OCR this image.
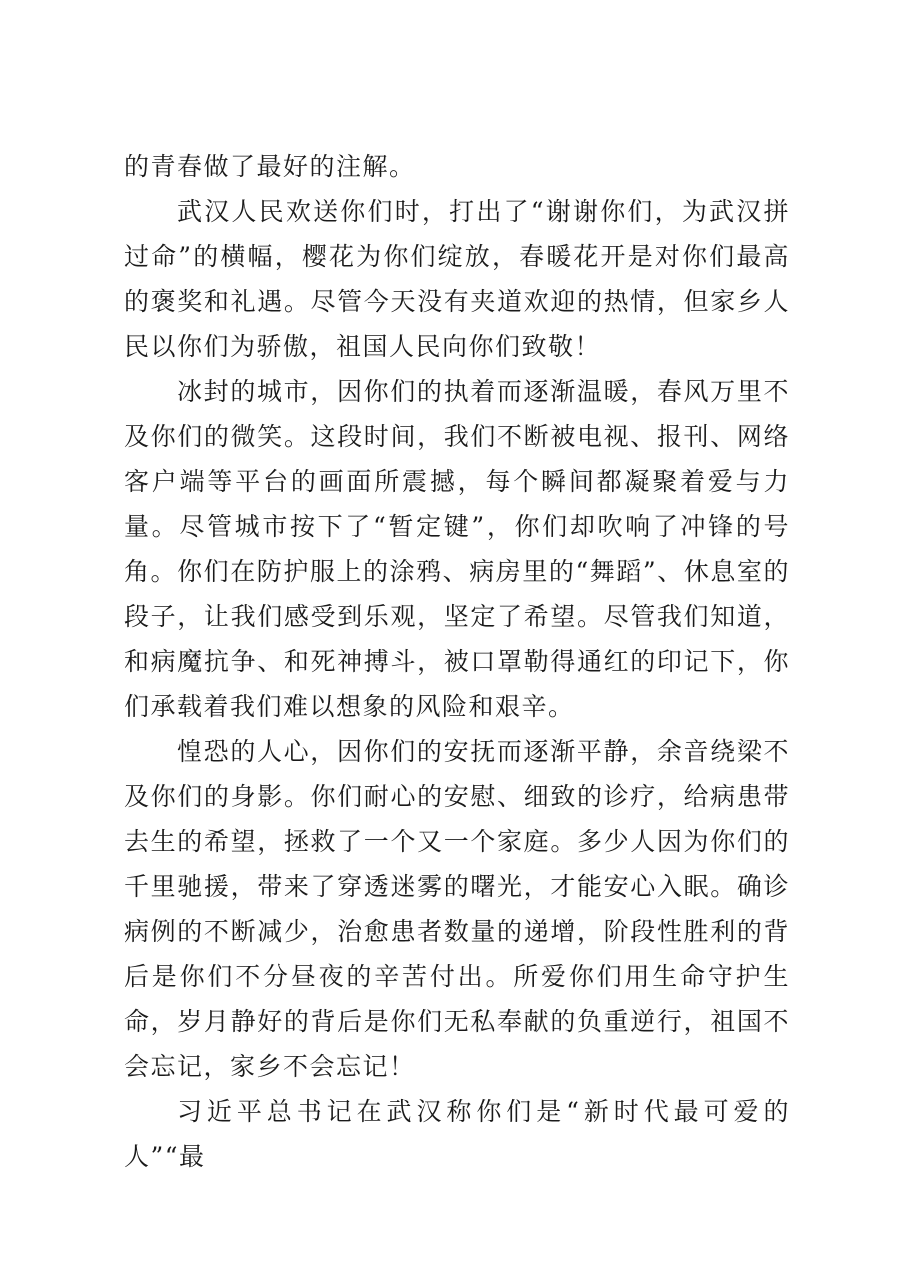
的青春做了最好的注解。

武汉人民欢送你们时，打出了“谢谢你们，为武汉拼过命”的横幅，樱花为你们绽放，春暖花开是对你们最高的褒奖和礼遇。尽管今天没有夹道欢迎的热情，但家乡人民以你们为骄傲，祖国人民向你们致敬！

冰封的城市，因你们的执着而逐渐温暖，春风万里不及你们的微笑。这段时间，我们不断被电视、报刊、网络客户端等平台的画面所震撼，每个瞬间都凝聚着爱与力量。尽管城市按下了“暂定键”，你们却吹响了冲锋的号角。你们在防护服上的涂鸦、病房里的“舞蹈”、休息室的段子，让我们感受到乐观，坚定了希望。尽管我们知道，和病魔抗争、和死神搏斗，被口罩勒得通红的印记下，你们承载着我们难以想象的风险和艰辛。

惶恐的人心，因你们的安抚而逐渐平静，余音绕梁不及你们的身影。你们耐心的安慰、细致的诊疗，给病患带去生的希望，拯救了一个又一个家庭。多少人因为你们的千里驰援，带来了穿透迷雾的曙光，才能安心入眠。确诊病例的不断减少，治愈患者数量的递增，阶段性胜利的背后是你们不分昼夜的辛苦付出。所爱你们用生命守护生命，岁月静好的背后是你们无私奉献的负重逆行，祖国不会忘记，家乡不会忘记！

习近平总书记在武汉称你们是“新时代最可爱的人”“最
